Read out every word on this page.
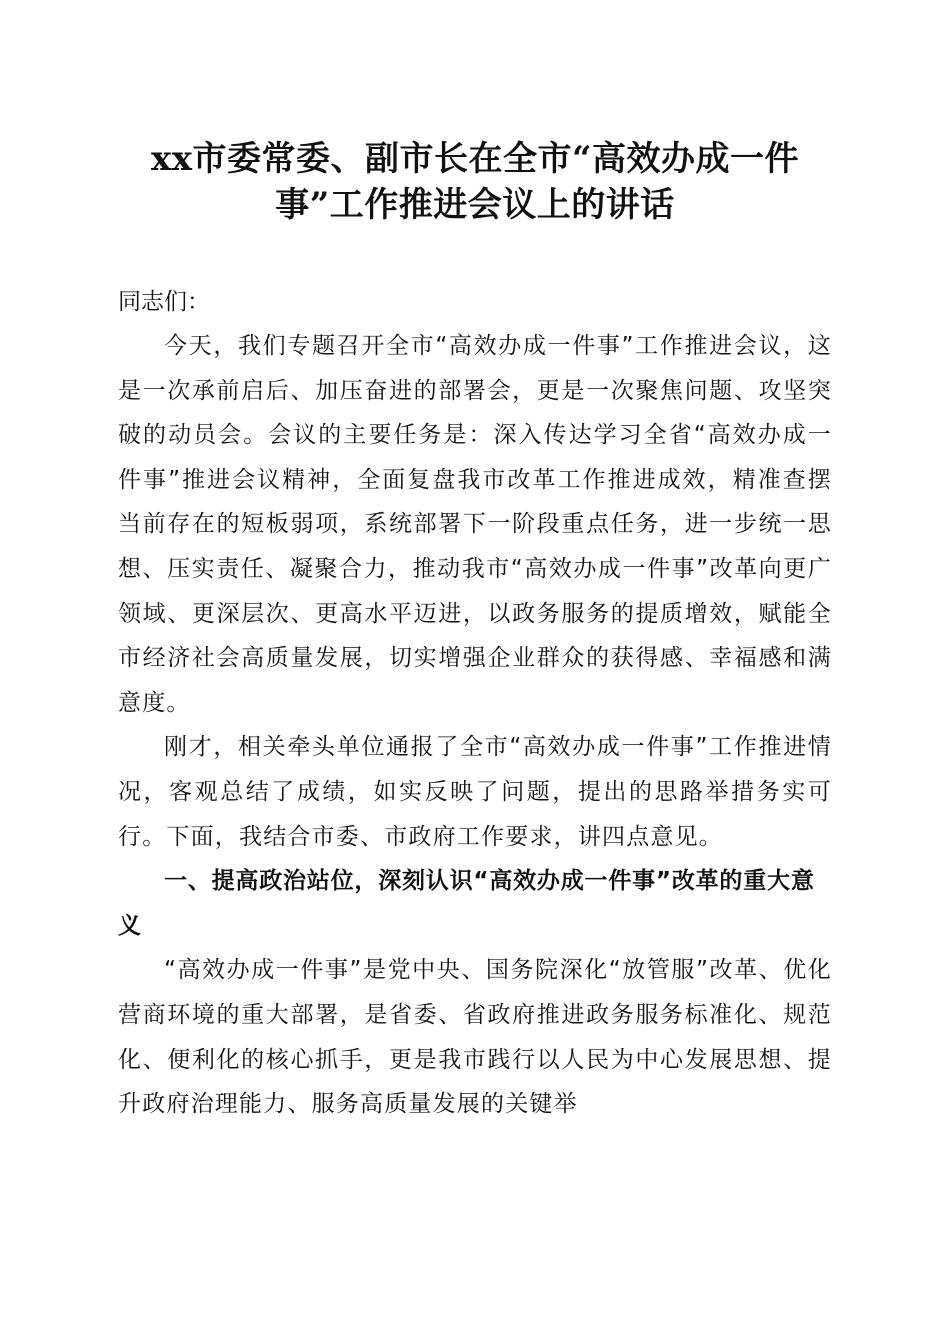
xx市委常委、副市长在全市“高效办成一件
事”工作推进会议上的讲话

同志们：

今天，我们专题召开全市“高效办成一件事”工作推进会议，这是一次承前启后、加压奋进的部署会，更是一次聚焦问题、攻坚突破的动员会。会议的主要任务是：深入传达学习全省“高效办成一件事”推进会议精神，全面复盘我市改革工作推进成效，精准查摆当前存在的短板弱项，系统部署下一阶段重点任务，进一步统一思想、压实责任、凝聚合力，推动我市“高效办成一件事”改革向更广领域、更深层次、更高水平迈进，以政务服务的提质增效，赋能全市经济社会高质量发展，切实增强企业群众的获得感、幸福感和满意度。

刚才，相关牵头单位通报了全市“高效办成一件事”工作推进情况，客观总结了成绩，如实反映了问题，提出的思路举措务实可行。下面，我结合市委、市政府工作要求，讲四点意见。

一、提高政治站位，深刻认识“高效办成一件事”改革的重大意义

“高效办成一件事”是党中央、国务院深化“放管服”改革、优化营商环境的重大部署，是省委、省政府推进政务服务标准化、规范化、便利化的核心抓手，更是我市践行以人民为中心发展思想、提升政府治理能力、服务高质量发展的关键举
